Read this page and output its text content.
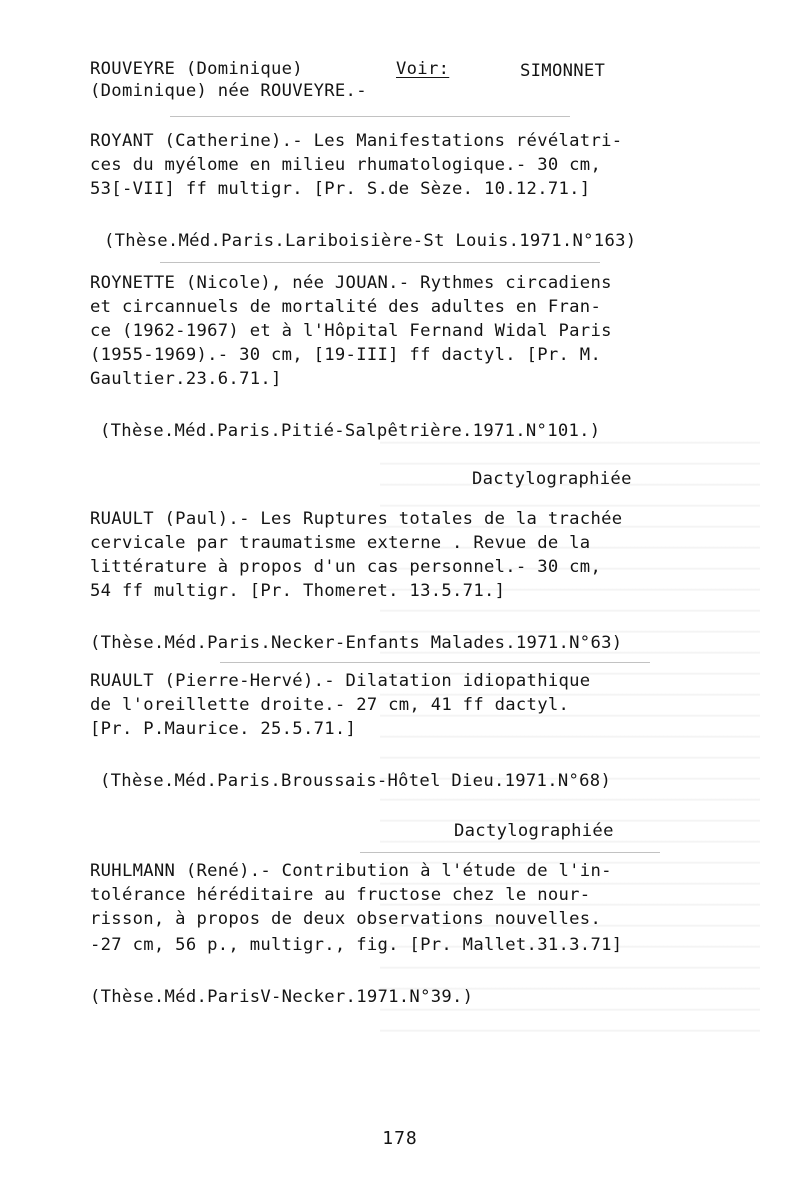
ROUVEYRE (Dominique)	Voir:	SIMONNET
(Dominique) née ROUVEYRE.-
ROYANT (Catherine).- Les Manifestations révélatri-
ces du myélome en milieu rhumatologique.- 30 cm,
53[-VII] ff multigr. [Pr. S.de Sèze. 10.12.71.]
(Thèse.Méd.Paris.Lariboisière-St Louis.1971.N°163)
ROYNETTE (Nicole), née JOUAN.- Rythmes circadiens
et circannuels de mortalité des adultes en Fran-
ce (1962-1967) et à l'Hôpital Fernand Widal Paris
(1955-1969).- 30 cm, [19-III] ff dactyl. [Pr. M.
Gaultier.23.6.71.]
(Thèse.Méd.Paris.Pitié-Salpêtrière.1971.N°101.)
Dactylographiée
RUAULT (Paul).- Les Ruptures totales de la trachée
cervicale par traumatisme externe . Revue de la
littérature à propos d'un cas personnel.- 30 cm,
54 ff multigr. [Pr. Thomeret. 13.5.71.]
(Thèse.Méd.Paris.Necker-Enfants Malades.1971.N°63)
RUAULT (Pierre-Hervé).- Dilatation idiopathique
de l'oreillette droite.- 27 cm, 41 ff dactyl.
[Pr. P.Maurice. 25.5.71.]
(Thèse.Méd.Paris.Broussais-Hôtel Dieu.1971.N°68)
Dactylographiée
RUHLMANN (René).- Contribution à l'étude de l'in-
tolérance héréditaire au fructose chez le nour-
risson, à propos de deux observations nouvelles.
-27 cm, 56 p., multigr., fig. [Pr. Mallet.31.3.71]
(Thèse.Méd.ParisV-Necker.1971.N°39.)
178
